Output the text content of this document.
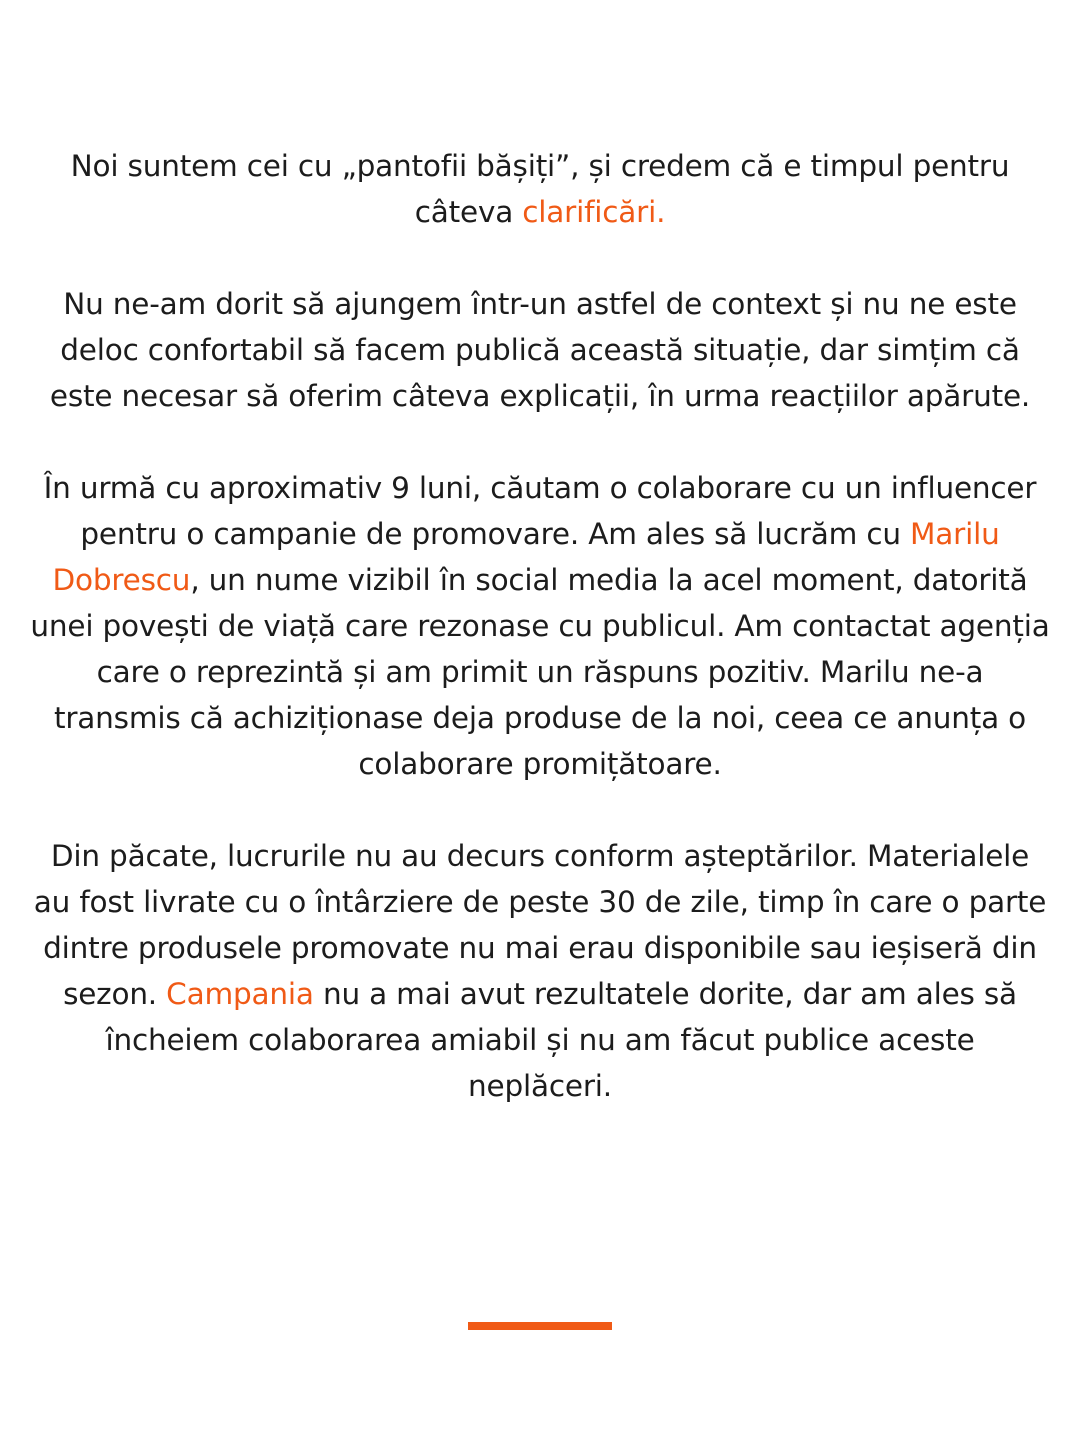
Noi suntem cei cu „pantofii bășiți”, și credem că e timpul pentru câteva clarificări.

Nu ne-am dorit să ajungem într-un astfel de context și nu ne este deloc confortabil să facem publică această situație, dar simțim că este necesar să oferim câteva explicații, în urma reacțiilor apărute.

În urmă cu aproximativ 9 luni, căutam o colaborare cu un influencer pentru o campanie de promovare. Am ales să lucrăm cu Marilu Dobrescu, un nume vizibil în social media la acel moment, datorită unei povești de viață care rezonase cu publicul. Am contactat agenția care o reprezintă și am primit un răspuns pozitiv. Marilu ne-a transmis că achiziționase deja produse de la noi, ceea ce anunța o colaborare promițătoare.

Din păcate, lucrurile nu au decurs conform așteptărilor. Materialele au fost livrate cu o întârziere de peste 30 de zile, timp în care o parte dintre produsele promovate nu mai erau disponibile sau ieșiseră din sezon. Campania nu a mai avut rezultatele dorite, dar am ales să încheiem colaborarea amiabil și nu am făcut publice aceste neplăceri.
